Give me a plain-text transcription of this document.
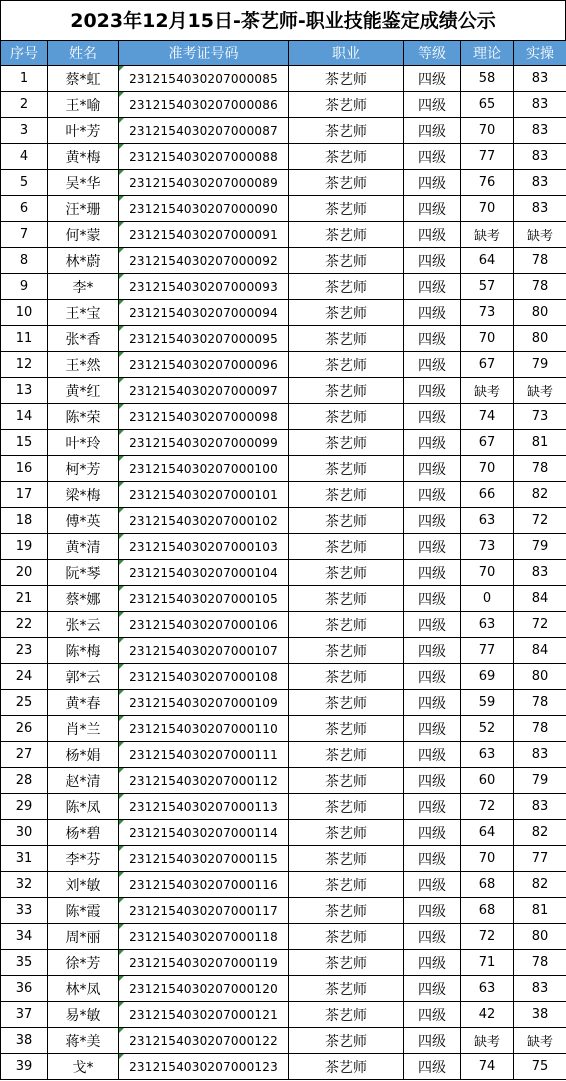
2023年12月15日-茶艺师-职业技能鉴定成绩公示
序号	姓名	准考证号码	职业	等级	理论	实操
1	蔡*虹	2312154030207000085	茶艺师	四级	58	83
2	王*喻	2312154030207000086	茶艺师	四级	65	83
3	叶*芳	2312154030207000087	茶艺师	四级	70	83
4	黄*梅	2312154030207000088	茶艺师	四级	77	83
5	吴*华	2312154030207000089	茶艺师	四级	76	83
6	汪*珊	2312154030207000090	茶艺师	四级	70	83
7	何*蒙	2312154030207000091	茶艺师	四级	缺考	缺考
8	林*蔚	2312154030207000092	茶艺师	四级	64	78
9	李*	2312154030207000093	茶艺师	四级	57	78
10	王*宝	2312154030207000094	茶艺师	四级	73	80
11	张*香	2312154030207000095	茶艺师	四级	70	80
12	王*然	2312154030207000096	茶艺师	四级	67	79
13	黄*红	2312154030207000097	茶艺师	四级	缺考	缺考
14	陈*荣	2312154030207000098	茶艺师	四级	74	73
15	叶*玲	2312154030207000099	茶艺师	四级	67	81
16	柯*芳	2312154030207000100	茶艺师	四级	70	78
17	梁*梅	2312154030207000101	茶艺师	四级	66	82
18	傅*英	2312154030207000102	茶艺师	四级	63	72
19	黄*清	2312154030207000103	茶艺师	四级	73	79
20	阮*琴	2312154030207000104	茶艺师	四级	70	83
21	蔡*娜	2312154030207000105	茶艺师	四级	0	84
22	张*云	2312154030207000106	茶艺师	四级	63	72
23	陈*梅	2312154030207000107	茶艺师	四级	77	84
24	郭*云	2312154030207000108	茶艺师	四级	69	80
25	黄*春	2312154030207000109	茶艺师	四级	59	78
26	肖*兰	2312154030207000110	茶艺师	四级	52	78
27	杨*娟	2312154030207000111	茶艺师	四级	63	83
28	赵*清	2312154030207000112	茶艺师	四级	60	79
29	陈*凤	2312154030207000113	茶艺师	四级	72	83
30	杨*碧	2312154030207000114	茶艺师	四级	64	82
31	李*芬	2312154030207000115	茶艺师	四级	70	77
32	刘*敏	2312154030207000116	茶艺师	四级	68	82
33	陈*霞	2312154030207000117	茶艺师	四级	68	81
34	周*丽	2312154030207000118	茶艺师	四级	72	80
35	徐*芳	2312154030207000119	茶艺师	四级	71	78
36	林*凤	2312154030207000120	茶艺师	四级	63	83
37	易*敏	2312154030207000121	茶艺师	四级	42	38
38	蒋*美	2312154030207000122	茶艺师	四级	缺考	缺考
39	戈*	2312154030207000123	茶艺师	四级	74	75
